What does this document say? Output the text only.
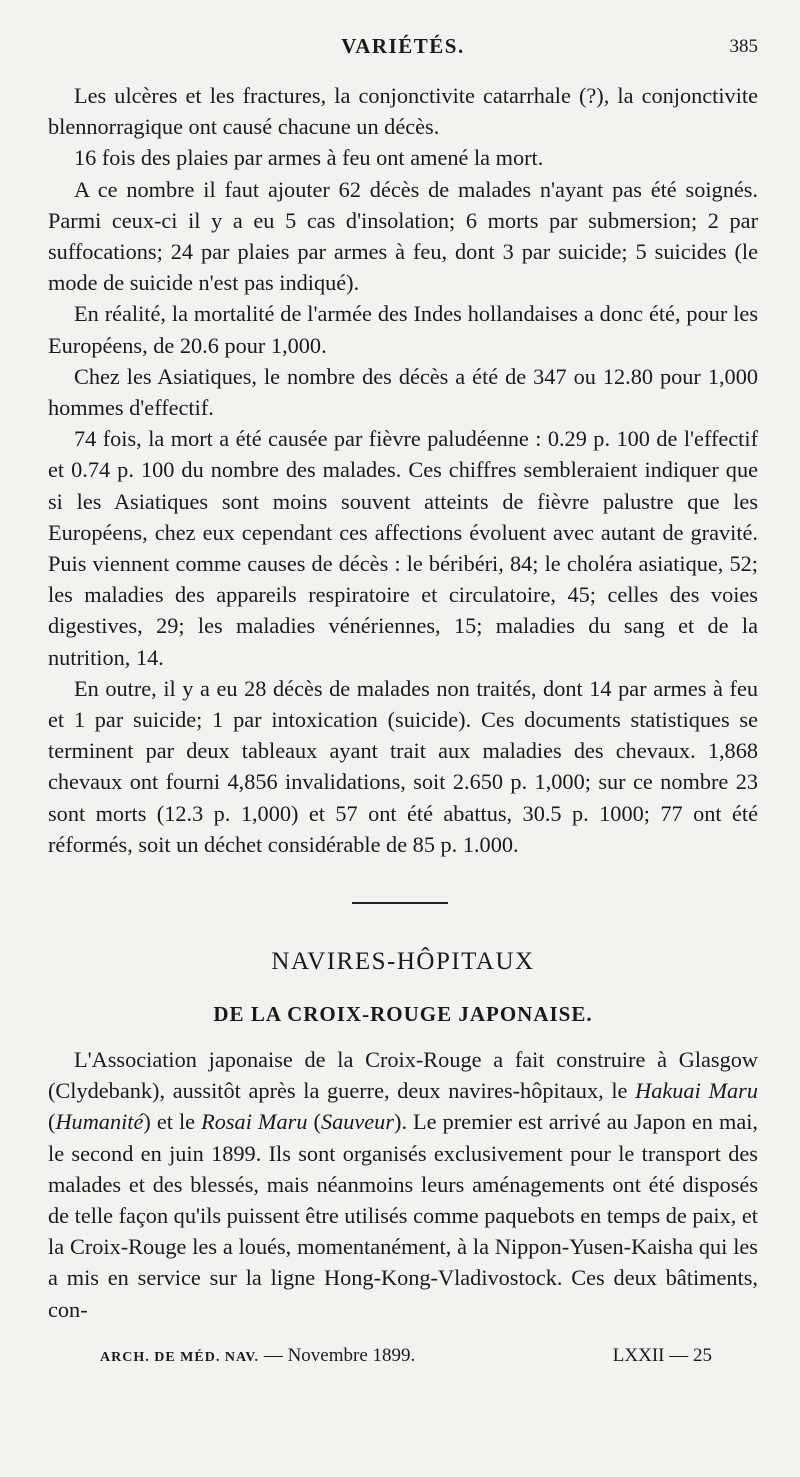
VARIÉTÉS.	385

Les ulcères et les fractures, la conjonctivite catarrhale (?), la conjonctivite blennorragique ont causé chacune un décès.

16 fois des plaies par armes à feu ont amené la mort.

A ce nombre il faut ajouter 62 décès de malades n'ayant pas été soignés. Parmi ceux-ci il y a eu 5 cas d'insolation; 6 morts par submersion; 2 par suffocations; 24 par plaies par armes à feu, dont 3 par suicide; 5 suicides (le mode de suicide n'est pas indiqué).

En réalité, la mortalité de l'armée des Indes hollandaises a donc été, pour les Européens, de 20.6 pour 1,000.

Chez les Asiatiques, le nombre des décès a été de 347 ou 12.80 pour 1,000 hommes d'effectif.

74 fois, la mort a été causée par fièvre paludéenne : 0.29 p. 100 de l'effectif et 0.74 p. 100 du nombre des malades. Ces chiffres sembleraient indiquer que si les Asiatiques sont moins souvent atteints de fièvre palustre que les Européens, chez eux cependant ces affections évoluent avec autant de gravité. Puis viennent comme causes de décès : le béribéri, 84; le choléra asiatique, 52; les maladies des appareils respiratoire et circulatoire, 45; celles des voies digestives, 29; les maladies vénériennes, 15; maladies du sang et de la nutrition, 14.

En outre, il y a eu 28 décès de malades non traités, dont 14 par armes à feu et 1 par suicide; 1 par intoxication (suicide). Ces documents statistiques se terminent par deux tableaux ayant trait aux maladies des chevaux. 1,868 chevaux ont fourni 4,856 invalidations, soit 2.650 p. 1,000; sur ce nombre 23 sont morts (12.3 p. 1,000) et 57 ont été abattus, 30.5 p. 1000; 77 ont été réformés, soit un déchet considérable de 85 p. 1.000.

NAVIRES-HÔPITAUX
DE LA CROIX-ROUGE JAPONAISE.

L'Association japonaise de la Croix-Rouge a fait construire à Glasgow (Clydebank), aussitôt après la guerre, deux navires-hôpitaux, le Hakuai Maru (Humanité) et le Rosai Maru (Sauveur). Le premier est arrivé au Japon en mai, le second en juin 1899. Ils sont organisés exclusivement pour le transport des malades et des blessés, mais néanmoins leurs aménagements ont été disposés de telle façon qu'ils puissent être utilisés comme paquebots en temps de paix, et la Croix-Rouge les a loués, momentanément, à la Nippon-Yusen-Kaisha qui les a mis en service sur la ligne Hong-Kong-Vladivostock. Ces deux bâtiments, con-

ARCH. DE MÉD. NAV. — Novembre 1899.	LXXII — 25
